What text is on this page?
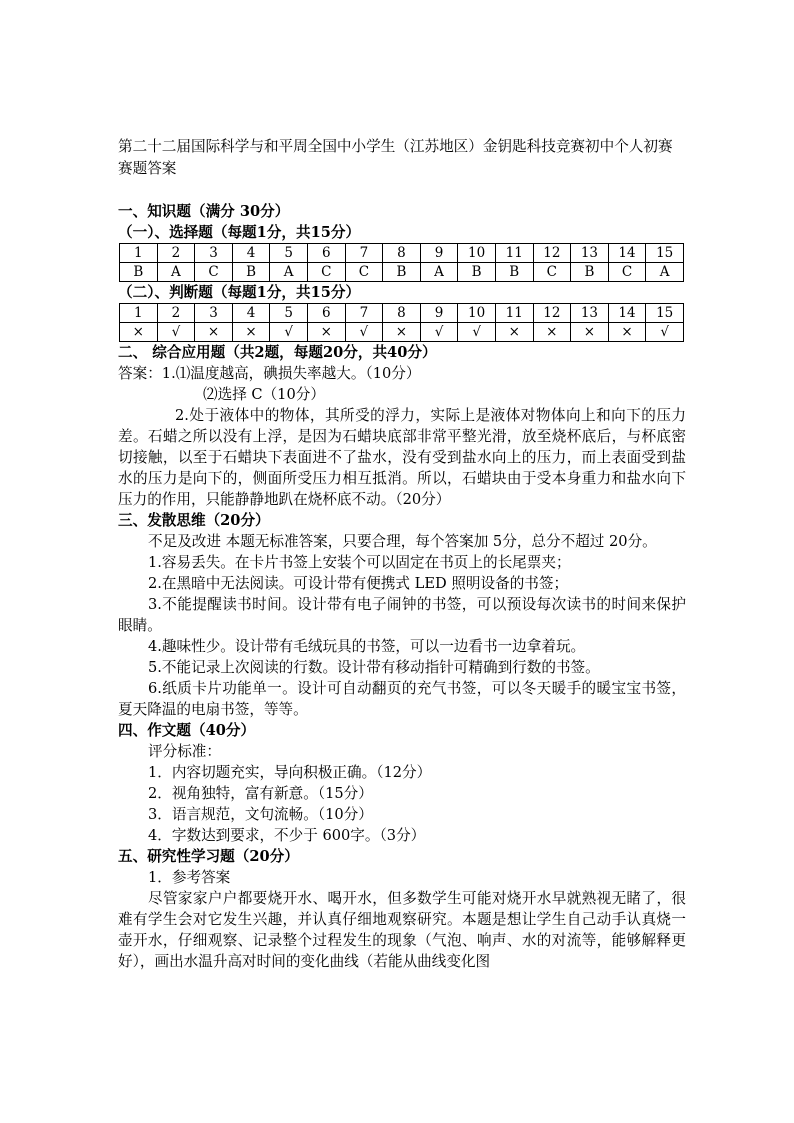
第二十二届国际科学与和平周全国中小学生（江苏地区）金钥匙科技竞赛初中个人初赛赛题答案

一、知识题（满分 30分）

（一）、选择题（每题1分，共15分）

1	2	3	4	5	6	7	8	9	10	11	12	13	14	15
B	A	C	B	A	C	C	B	A	B	B	C	B	C	A

（二）、判断题（每题1分，共15分）

1	2	3	4	5	6	7	8	9	10	11	12	13	14	15
×	√	×	×	√	×	√	×	√	√	×	×	×	×	√

二、 综合应用题（共2题，每题20分，共40分）

答案：1.⑴温度越高，碘损失率越大。（10分）

⑵选择 C（10分）

2.处于液体中的物体，其所受的浮力，实际上是液体对物体向上和向下的压力差。石蜡之所以没有上浮，是因为石蜡块底部非常平整光滑，放至烧杯底后，与杯底密切接触，以至于石蜡块下表面进不了盐水，没有受到盐水向上的压力，而上表面受到盐水的压力是向下的，侧面所受压力相互抵消。所以，石蜡块由于受本身重力和盐水向下压力的作用，只能静静地趴在烧杯底不动。（20分）

三、发散思维（20分）

不足及改进 本题无标准答案，只要合理，每个答案加 5分，总分不超过 20分。

1.容易丢失。在卡片书签上安装个可以固定在书页上的长尾票夹；

2.在黑暗中无法阅读。可设计带有便携式 LED 照明设备的书签；

3.不能提醒读书时间。设计带有电子闹钟的书签，可以预设每次读书的时间来保护眼睛。

4.趣味性少。设计带有毛绒玩具的书签，可以一边看书一边拿着玩。

5.不能记录上次阅读的行数。设计带有移动指针可精确到行数的书签。

6.纸质卡片功能单一。设计可自动翻页的充气书签，可以冬天暖手的暖宝宝书签，夏天降温的电扇书签，等等。

四、作文题（40分）

评分标准：

1．内容切题充实，导向积极正确。（12分）

2．视角独特，富有新意。（15分）

3．语言规范，文句流畅。（10分）

4．字数达到要求，不少于 600字。（3分）

五、研究性学习题（20分）

1．参考答案

尽管家家户户都要烧开水、喝开水，但多数学生可能对烧开水早就熟视无睹了，很难有学生会对它发生兴趣，并认真仔细地观察研究。本题是想让学生自己动手认真烧一壶开水，仔细观察、记录整个过程发生的现象（气泡、响声、水的对流等，能够解释更好），画出水温升高对时间的变化曲线（若能从曲线变化图
